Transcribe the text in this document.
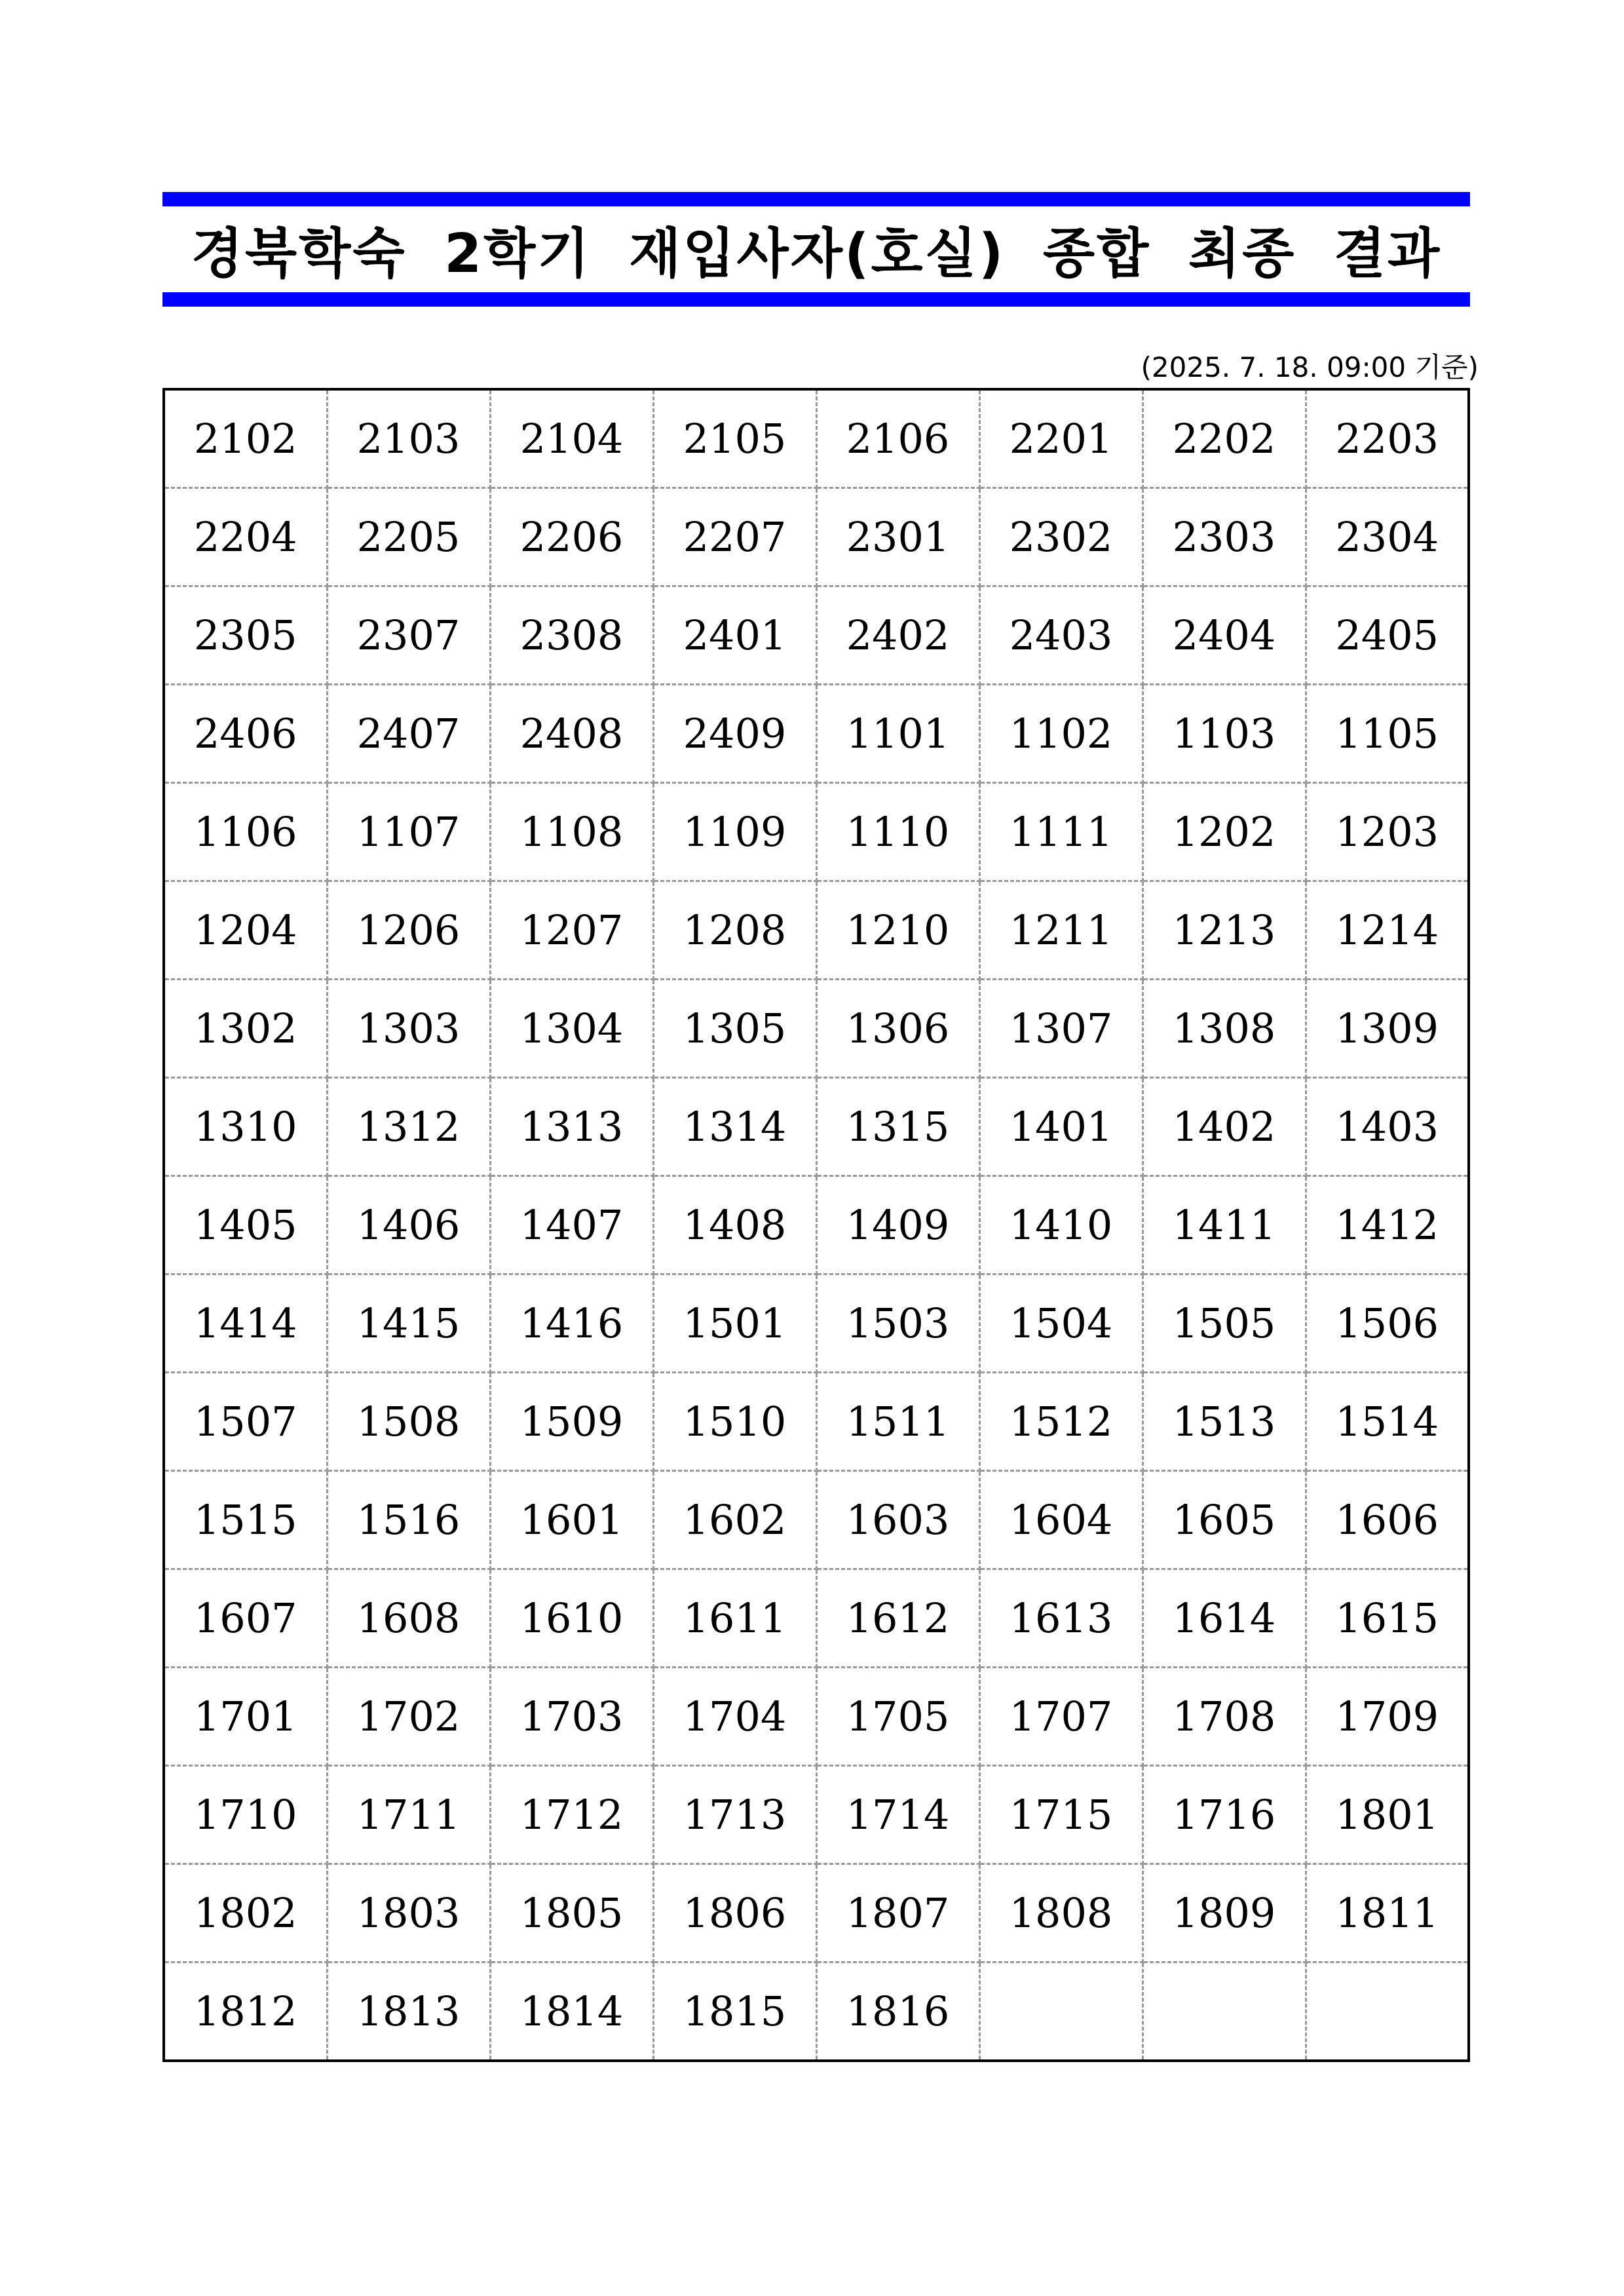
경북학숙 2학기 재입사자(호실) 종합 최종 결과
(2025. 7. 18. 09:00 기준)
2102	2103	2104	2105	2106	2201	2202	2203
2204	2205	2206	2207	2301	2302	2303	2304
2305	2307	2308	2401	2402	2403	2404	2405
2406	2407	2408	2409	1101	1102	1103	1105
1106	1107	1108	1109	1110	1111	1202	1203
1204	1206	1207	1208	1210	1211	1213	1214
1302	1303	1304	1305	1306	1307	1308	1309
1310	1312	1313	1314	1315	1401	1402	1403
1405	1406	1407	1408	1409	1410	1411	1412
1414	1415	1416	1501	1503	1504	1505	1506
1507	1508	1509	1510	1511	1512	1513	1514
1515	1516	1601	1602	1603	1604	1605	1606
1607	1608	1610	1611	1612	1613	1614	1615
1701	1702	1703	1704	1705	1707	1708	1709
1710	1711	1712	1713	1714	1715	1716	1801
1802	1803	1805	1806	1807	1808	1809	1811
1812	1813	1814	1815	1816			
